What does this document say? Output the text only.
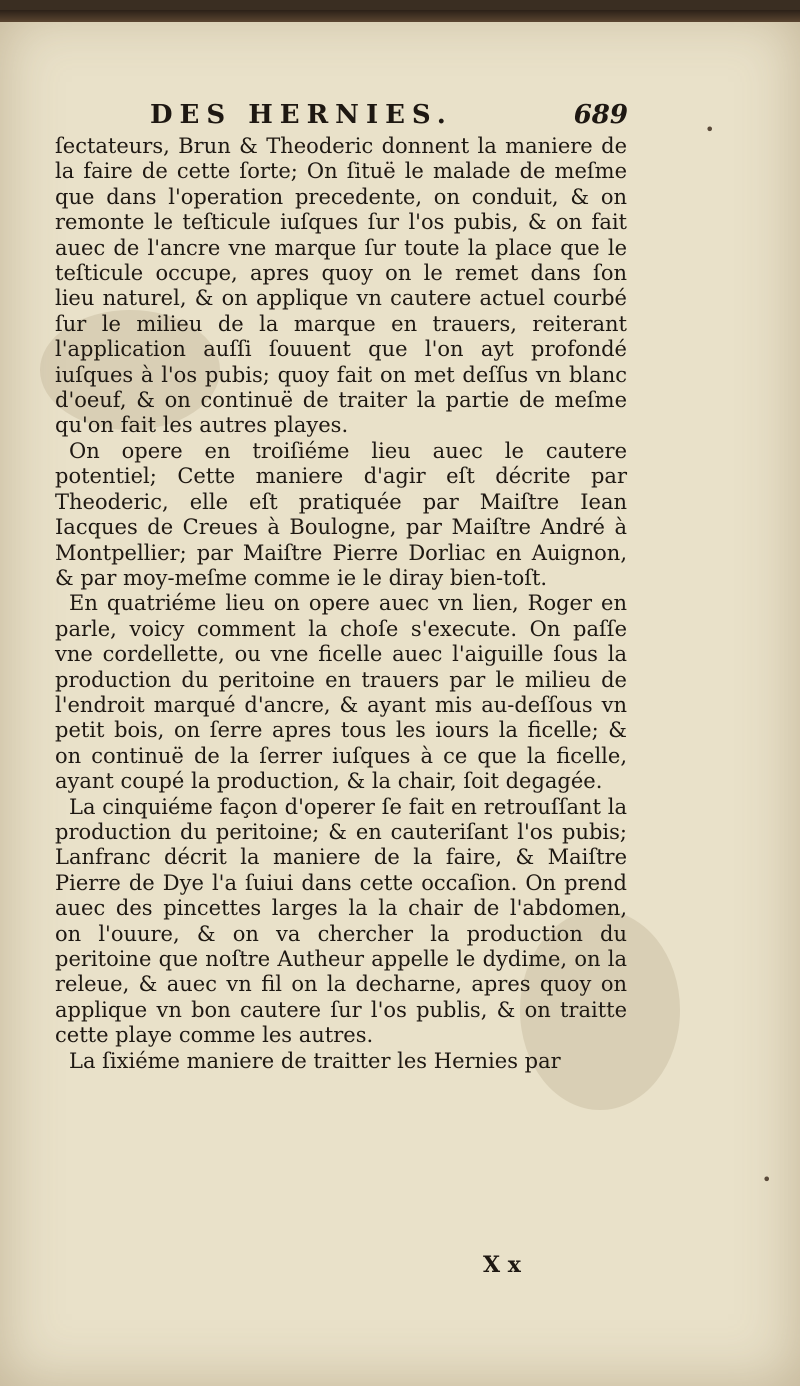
DES HERNIES.	689

ſectateurs, Brun & Theoderic donnent la maniere de la faire de cette ſorte; On ſituë le malade de meſme que dans l'operation precedente, on conduit, & on remonte le teſticule iuſques ſur l'os pubis, & on fait auec de l'ancre vne marque ſur toute la place que le teſticule occupe, apres quoy on le remet dans ſon lieu naturel, & on applique vn cautere actuel courbé ſur le milieu de la marque en trauers, reiterant l'application auſſi ſouuent que l'on ayt profondé iuſques à l'os pubis; quoy fait on met deſſus vn blanc d'oeuf, & on continuë de traiter la partie de meſme qu'on fait les autres playes.

On opere en troiſiéme lieu auec le cautere potentiel; Cette maniere d'agir eſt décrite par Theoderic, elle eſt pratiquée par Maiſtre Iean Iacques de Creues à Boulogne, par Maiſtre André à Montpellier; par Maiſtre Pierre Dorliac en Auignon, & par moy-meſme comme ie le diray bien-toſt.

En quatriéme lieu on opere auec vn lien, Roger en parle, voicy comment la choſe s'execute. On paſſe vne cordellette, ou vne ficelle auec l'aiguille ſous la production du peritoine en trauers par le milieu de l'endroit marqué d'ancre, & ayant mis au-deſſous vn petit bois, on ſerre apres tous les iours la ficelle; & on continuë de la ſerrer iuſques à ce que la ficelle, ayant coupé la production, & la chair, ſoit degagée.

La cinquiéme façon d'operer ſe fait en retrouſſant la production du peritoine; & en cauteriſant l'os pubis; Lanfranc décrit la maniere de la faire, & Maiſtre Pierre de Dye l'a ſuiui dans cette occaſion. On prend auec des pincettes larges la la chair de l'abdomen, on l'ouure, & on va chercher la production du peritoine que noſtre Autheur appelle le dydime, on la releue, & auec vn fil on la decharne, apres quoy on applique vn bon cautere ſur l'os publis, & on traitte cette playe comme les autres.

La ſixiéme maniere de traitter les Hernies par

X x
•
•
